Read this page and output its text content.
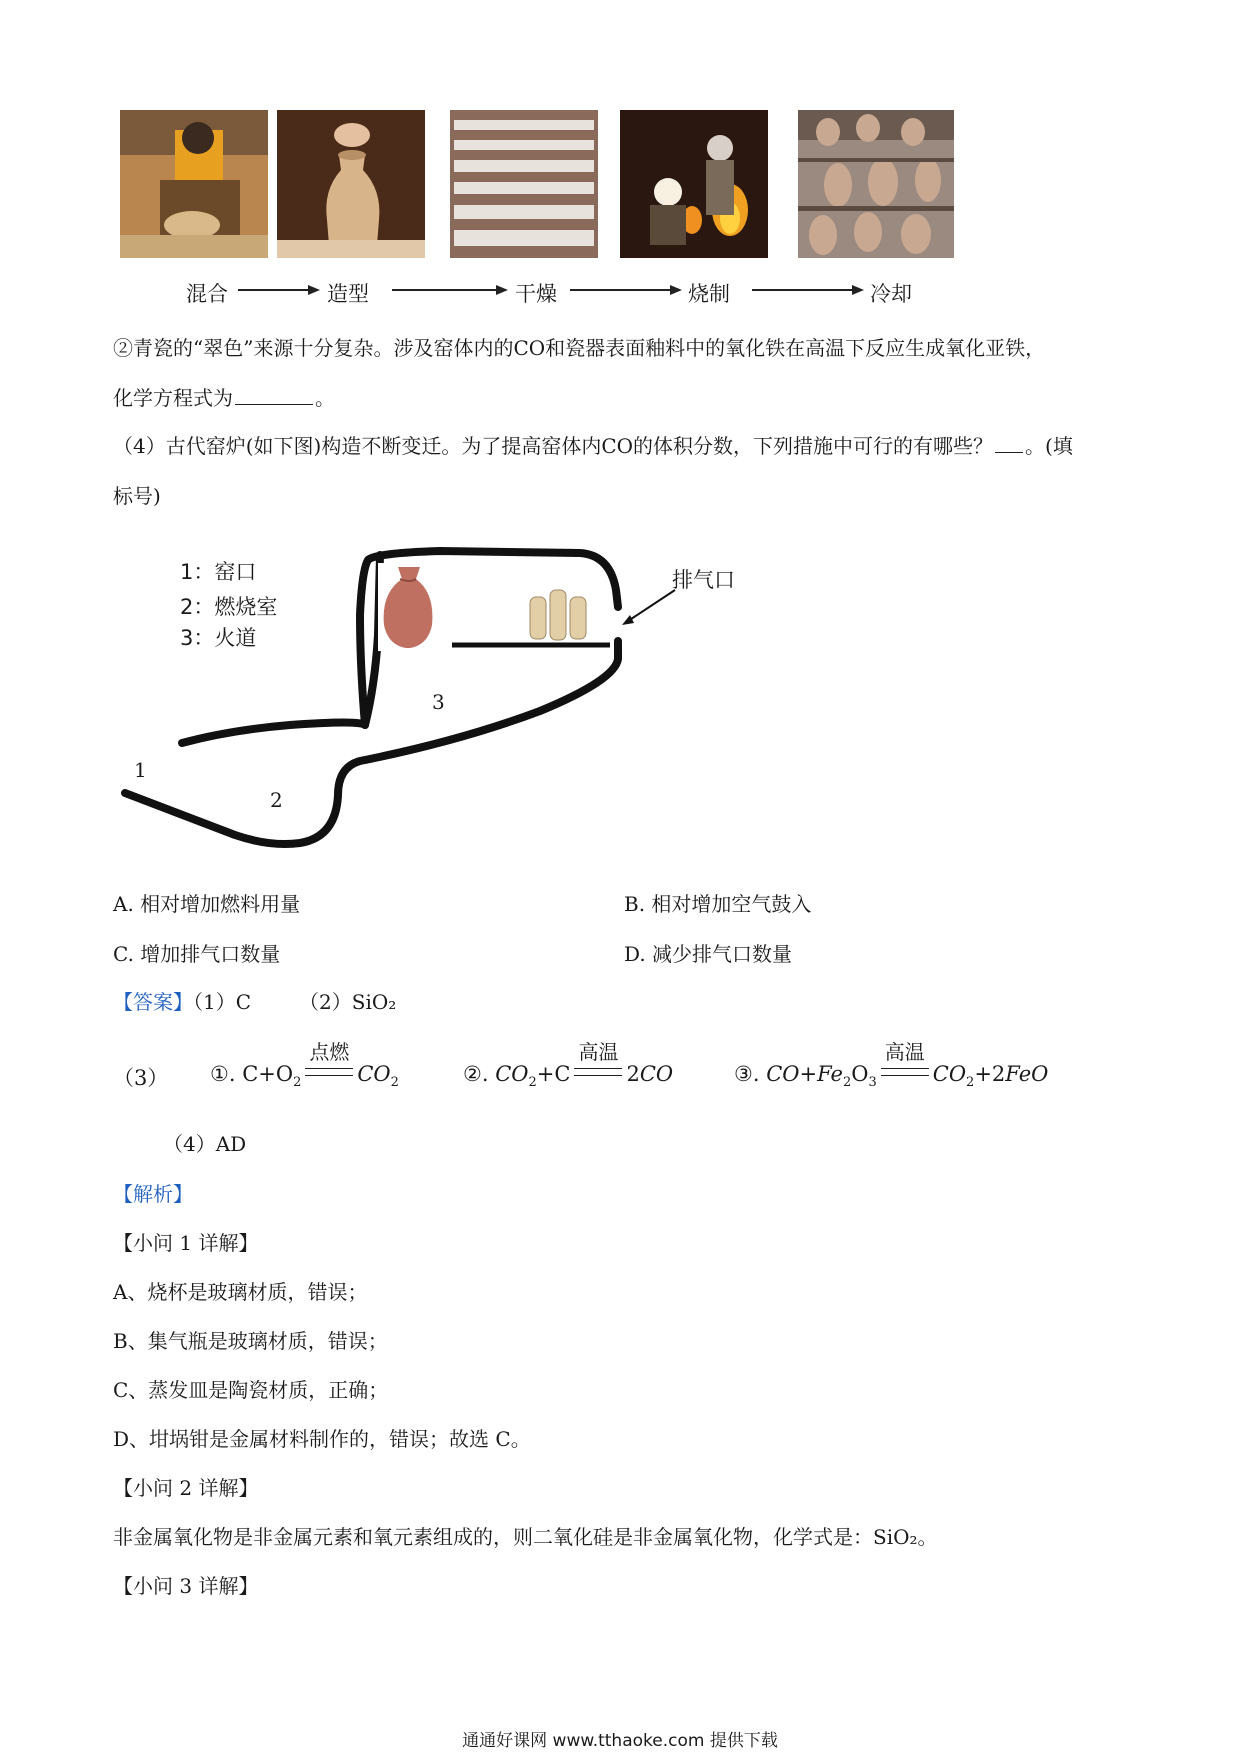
混合	造型	干燥	烧制	冷却
②青瓷的“翠色”来源十分复杂。涉及窑体内的CO和瓷器表面釉料中的氧化铁在高温下反应生成氧化亚铁，
化学方程式为	。
（4）古代窑炉(如下图)构造不断变迁。为了提高窑体内CO的体积分数，下列措施中可行的有哪些？ 。(填
标号)
1：窑口
2：燃烧室
3：火道
排气口
1
2
3
A. 相对增加燃料用量	B. 相对增加空气鼓入
C. 增加排气口数量	D. 减少排气口数量
【答案】（1）C （2）SiO₂
（3） ①. $C+O_2$
点燃
$CO_2$	②. $CO_2+C$
高温
2CO	③. $CO+Fe_2O_3$
高温
$CO_2+2FeO$
（4）AD
【解析】
【小问 1 详解】
A、烧杯是玻璃材质，错误；
B、集气瓶是玻璃材质，错误；
C、蒸发皿是陶瓷材质，正确；
D、坩埚钳是金属材料制作的，错误；故选 C。
【小问 2 详解】
非金属氧化物是非金属元素和氧元素组成的，则二氧化硅是非金属氧化物，化学式是：SiO₂。
【小问 3 详解】
通通好课网 www.tthaoke.com 提供下载
